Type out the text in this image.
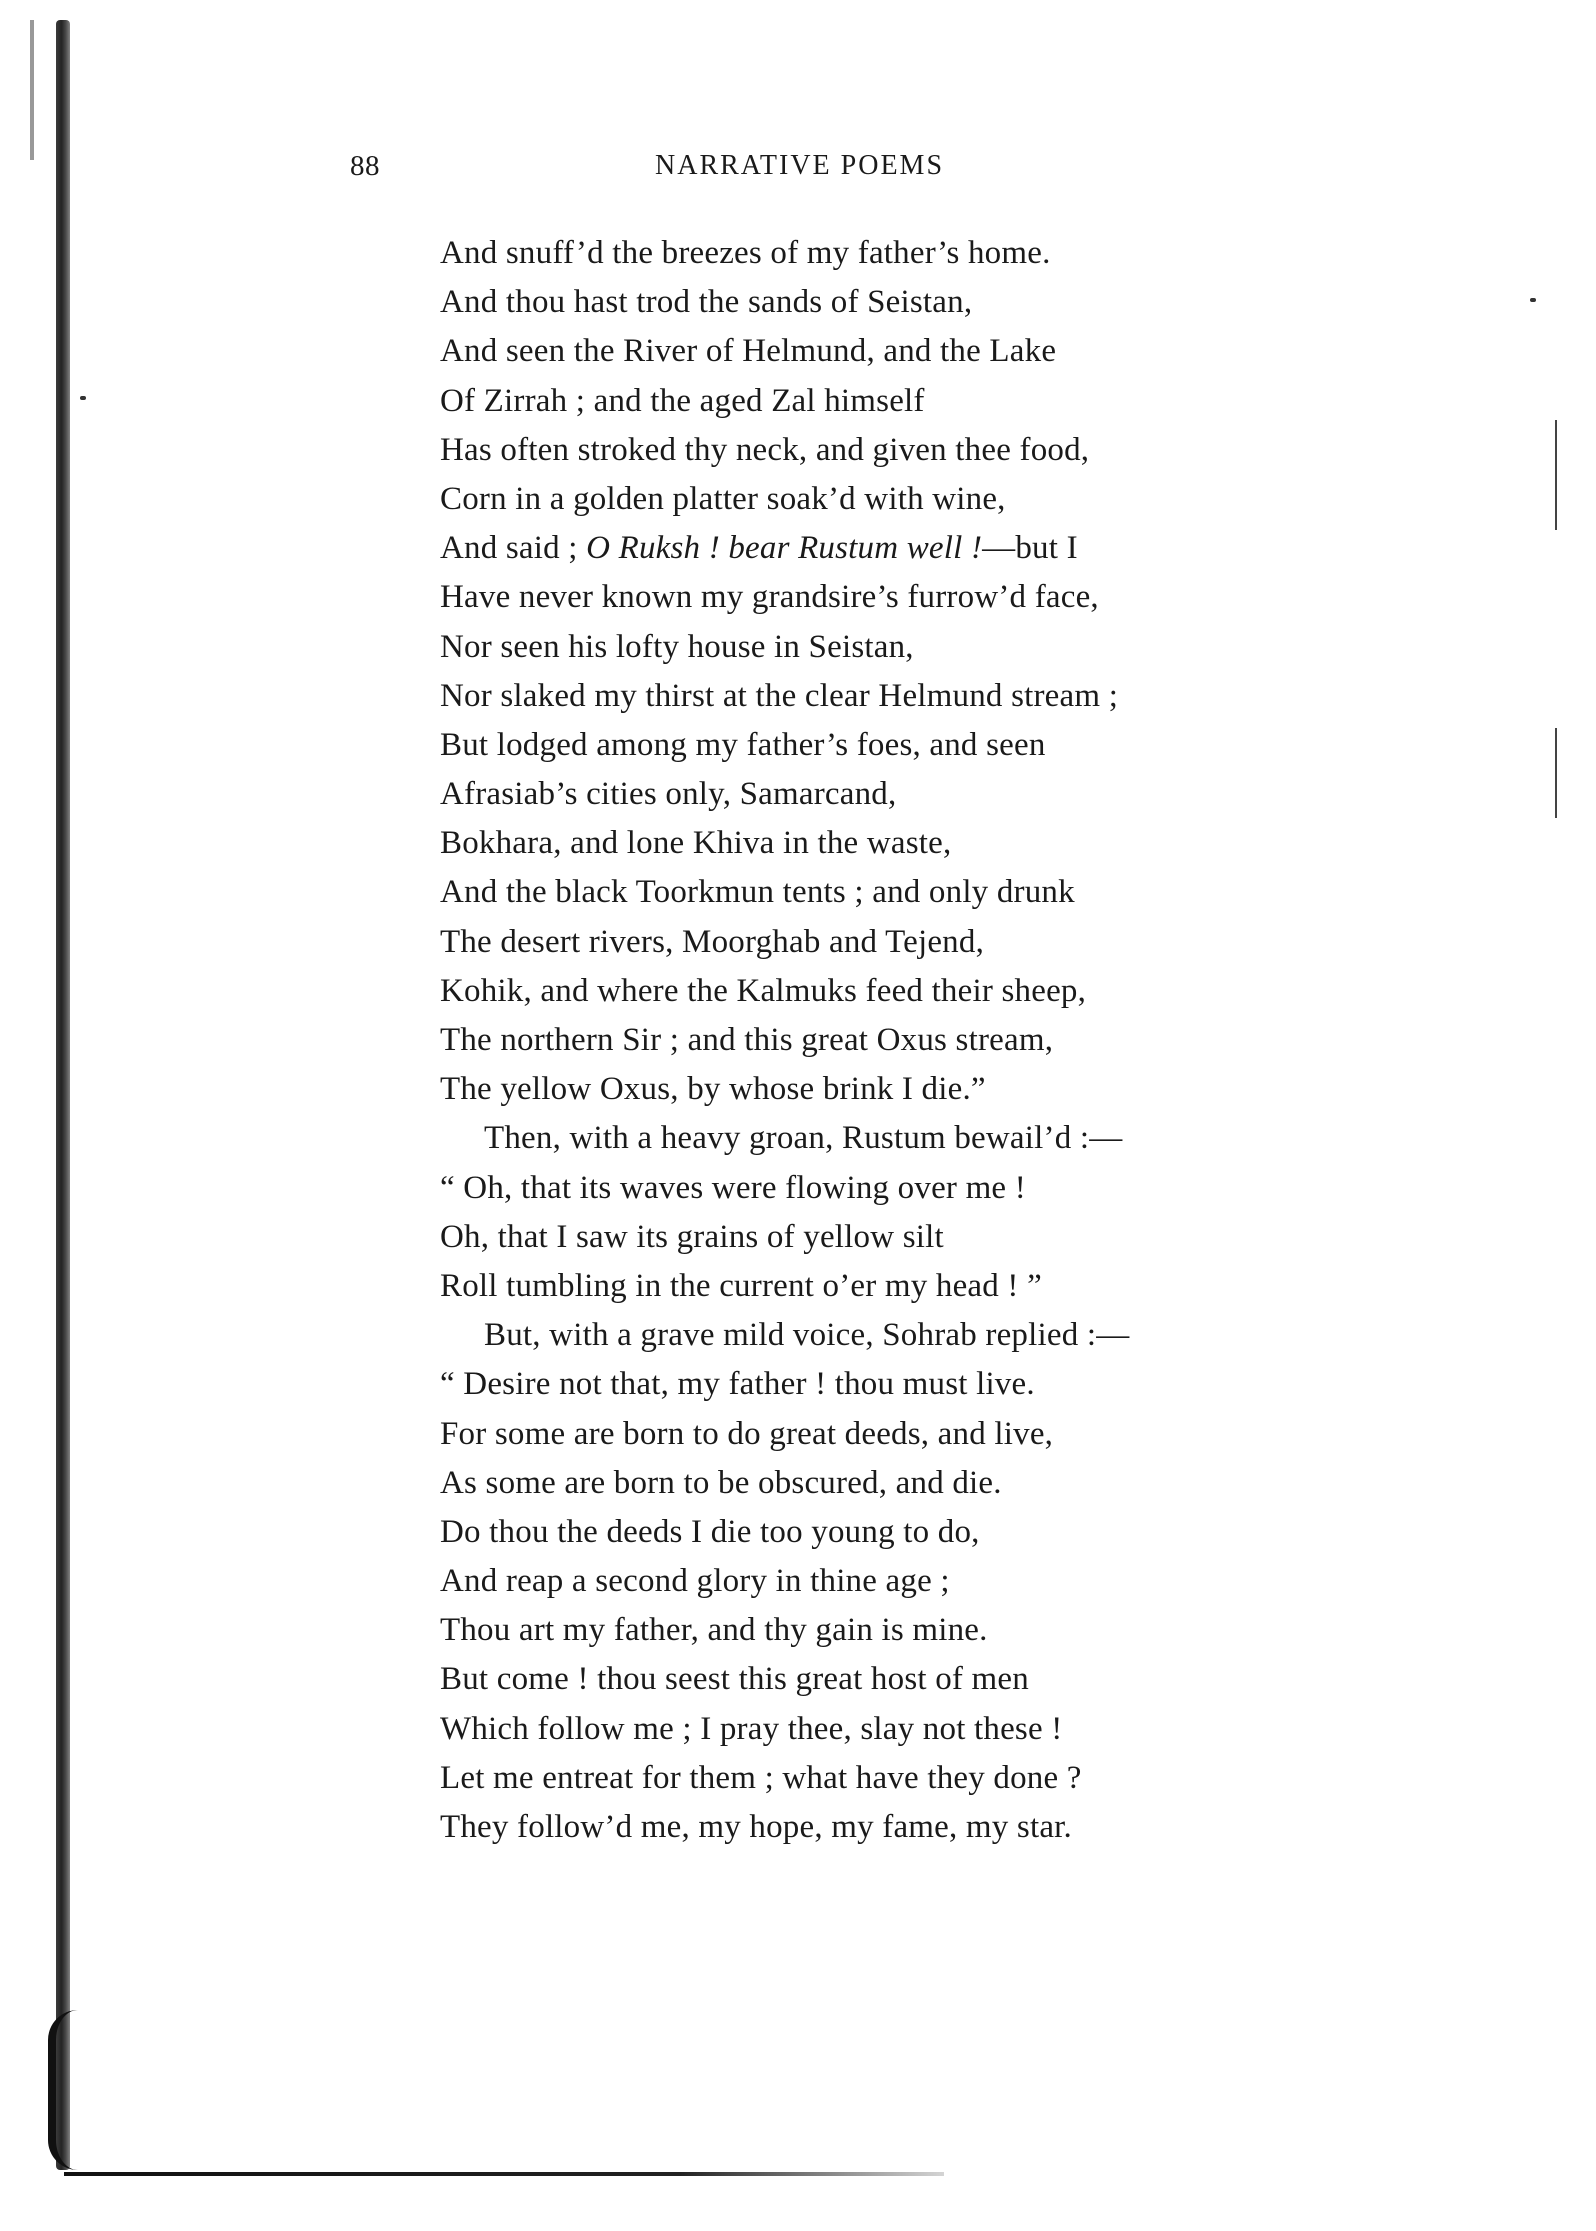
88	NARRATIVE POEMS
And snuff’d the breezes of my father’s home.
And thou hast trod the sands of Seistan,
And seen the River of Helmund, and the Lake
Of Zirrah ; and the aged Zal himself
Has often stroked thy neck, and given thee food,
Corn in a golden platter soak’d with wine,
And said ; O Ruksh ! bear Rustum well !—but I
Have never known my grandsire’s furrow’d face,
Nor seen his lofty house in Seistan,
Nor slaked my thirst at the clear Helmund stream ;
But lodged among my father’s foes, and seen
Afrasiab’s cities only, Samarcand,
Bokhara, and lone Khiva in the waste,
And the black Toorkmun tents ; and only drunk
The desert rivers, Moorghab and Tejend,
Kohik, and where the Kalmuks feed their sheep,
The northern Sir ; and this great Oxus stream,
The yellow Oxus, by whose brink I die.”
Then, with a heavy groan, Rustum bewail’d :—
“ Oh, that its waves were flowing over me !
Oh, that I saw its grains of yellow silt
Roll tumbling in the current o’er my head ! ”
But, with a grave mild voice, Sohrab replied :—
“ Desire not that, my father ! thou must live.
For some are born to do great deeds, and live,
As some are born to be obscured, and die.
Do thou the deeds I die too young to do,
And reap a second glory in thine age ;
Thou art my father, and thy gain is mine.
But come ! thou seest this great host of men
Which follow me ; I pray thee, slay not these !
Let me entreat for them ; what have they done ?
They follow’d me, my hope, my fame, my star.
